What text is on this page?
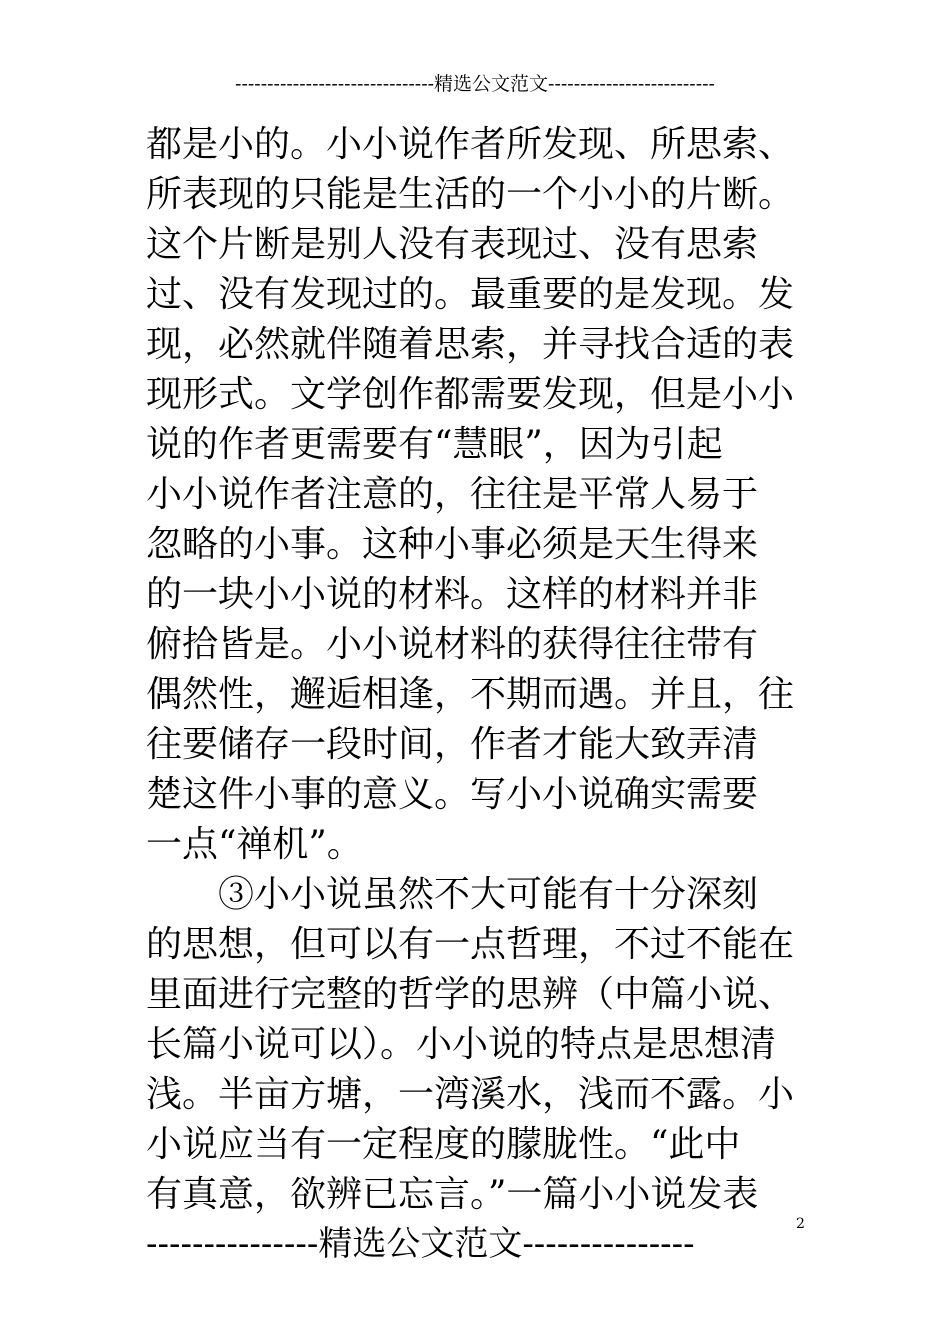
-------------------------------精选公文范文--------------------------
都是小的。小小说作者所发现、所思索、
所表现的只能是生活的一个小小的片断。
这个片断是别人没有表现过、没有思索
过、没有发现过的。最重要的是发现。发
现，必然就伴随着思索，并寻找合适的表
现形式。文学创作都需要发现，但是小小
说的作者更需要有“慧眼”，因为引起
小小说作者注意的，往往是平常人易于
忽略的小事。这种小事必须是天生得来
的一块小小说的材料。这样的材料并非
俯拾皆是。小小说材料的获得往往带有
偶然性，邂逅相逢，不期而遇。并且，往
往要储存一段时间，作者才能大致弄清
楚这件小事的意义。写小小说确实需要
一点“禅机”。
　　③小小说虽然不大可能有十分深刻
的思想，但可以有一点哲理，不过不能在
里面进行完整的哲学的思辨（中篇小说、
长篇小说可以）。小小说的特点是思想清
浅。半亩方塘，一湾溪水，浅而不露。小
小说应当有一定程度的朦胧性。“此中
有真意，欲辨已忘言。”一篇小小说发表
---------------精选公文范文---------------	2
